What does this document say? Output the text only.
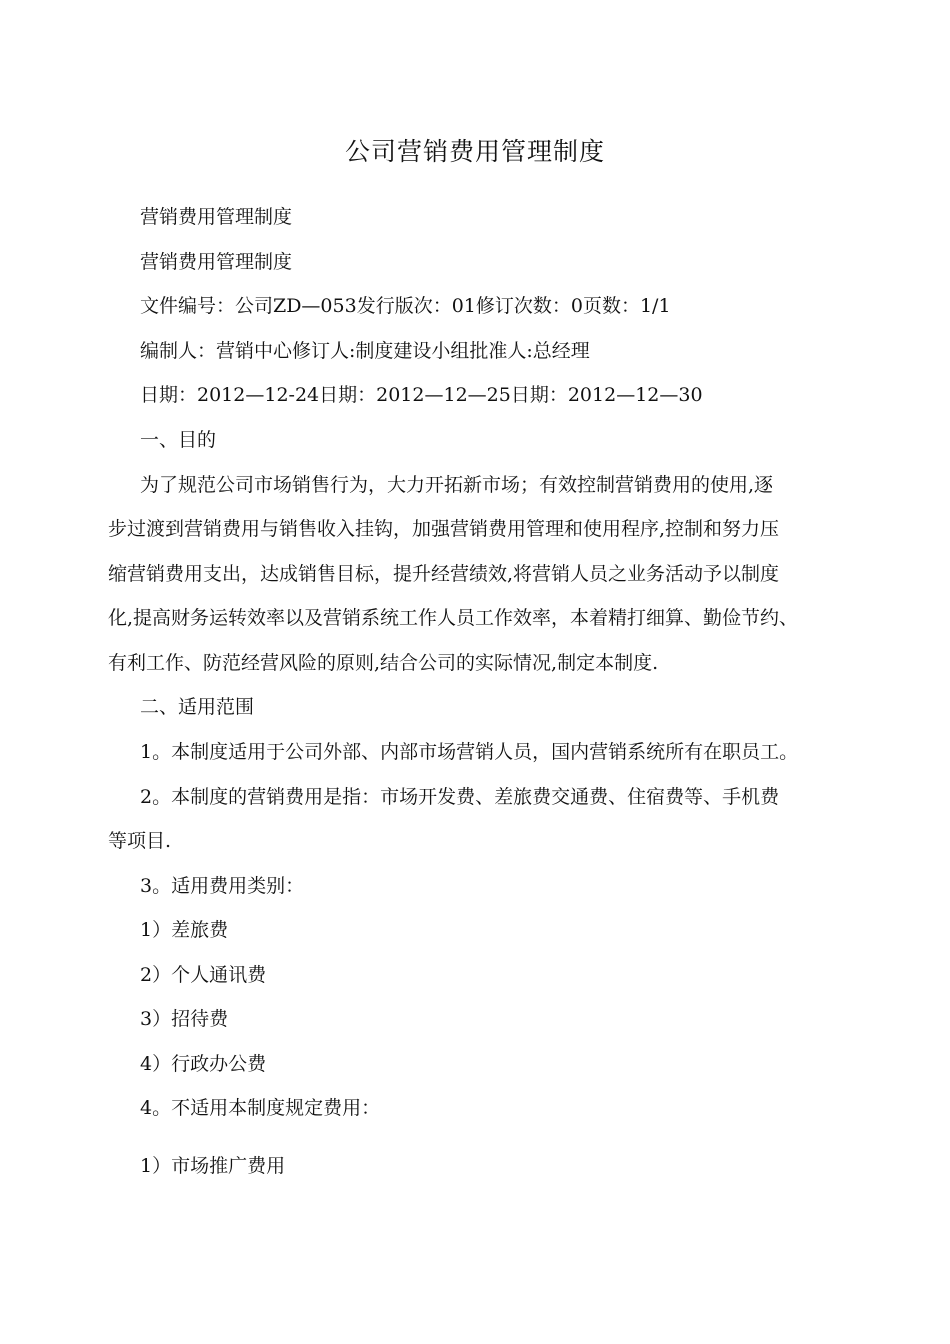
公司营销费用管理制度
营销费用管理制度
营销费用管理制度
文件编号：公司ZD—053发行版次：01修订次数：0页数：1/1
编制人：营销中心修订人:制度建设小组批准人:总经理
日期：2012—12-24日期：2012—12—25日期：2012—12—30
一、目的
为了规范公司市场销售行为，大力开拓新市场；有效控制营销费用的使用,逐
步过渡到营销费用与销售收入挂钩，加强营销费用管理和使用程序,控制和努力压
缩营销费用支出，达成销售目标，提升经营绩效,将营销人员之业务活动予以制度
化,提高财务运转效率以及营销系统工作人员工作效率，本着精打细算、勤俭节约、
有利工作、防范经营风险的原则,结合公司的实际情况,制定本制度.
二、适用范围
1。本制度适用于公司外部、内部市场营销人员，国内营销系统所有在职员工。
2。本制度的营销费用是指：市场开发费、差旅费交通费、住宿费等、手机费
等项目.
3。适用费用类别：
1）差旅费
2）个人通讯费
3）招待费
4）行政办公费
4。不适用本制度规定费用：
1）市场推广费用
